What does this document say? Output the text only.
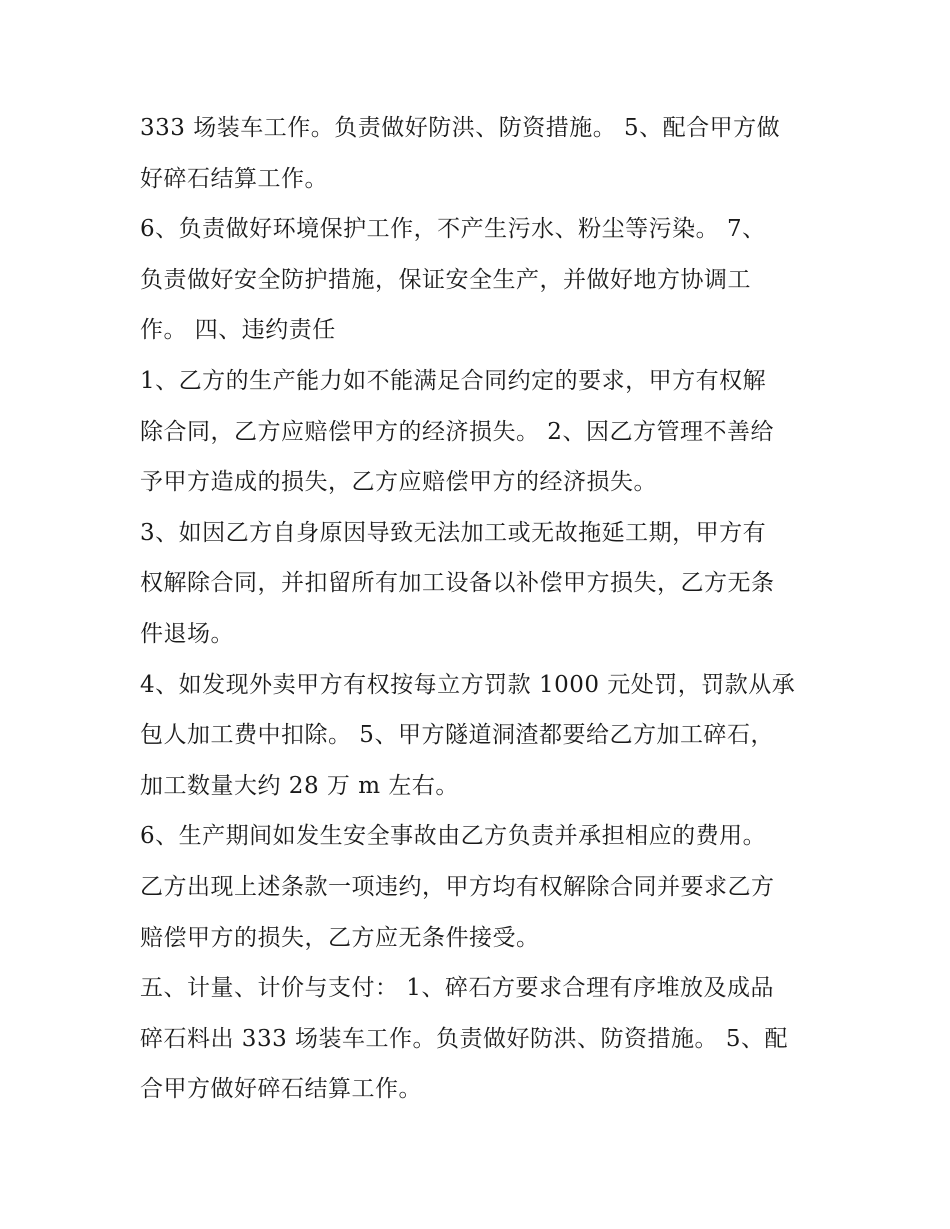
333 场装车工作。负责做好防洪、防资措施。 5、配合甲方做
好碎石结算工作。

6、负责做好环境保护工作，不产生污水、粉尘等污染。 7、
负责做好安全防护措施，保证安全生产，并做好地方协调工
作。 四、违约责任

1、乙方的生产能力如不能满足合同约定的要求，甲方有权解
除合同，乙方应赔偿甲方的经济损失。 2、因乙方管理不善给
予甲方造成的损失，乙方应赔偿甲方的经济损失。

3、如因乙方自身原因导致无法加工或无故拖延工期，甲方有
权解除合同，并扣留所有加工设备以补偿甲方损失，乙方无条
件退场。

4、如发现外卖甲方有权按每立方罚款 1000 元处罚，罚款从承
包人加工费中扣除。 5、甲方隧道洞渣都要给乙方加工碎石，
加工数量大约 28 万 m 左右。

6、生产期间如发生安全事故由乙方负责并承担相应的费用。
乙方出现上述条款一项违约，甲方均有权解除合同并要求乙方
赔偿甲方的损失，乙方应无条件接受。

五、计量、计价与支付： 1、碎石方要求合理有序堆放及成品
碎石料出 333 场装车工作。负责做好防洪、防资措施。 5、配
合甲方做好碎石结算工作。
